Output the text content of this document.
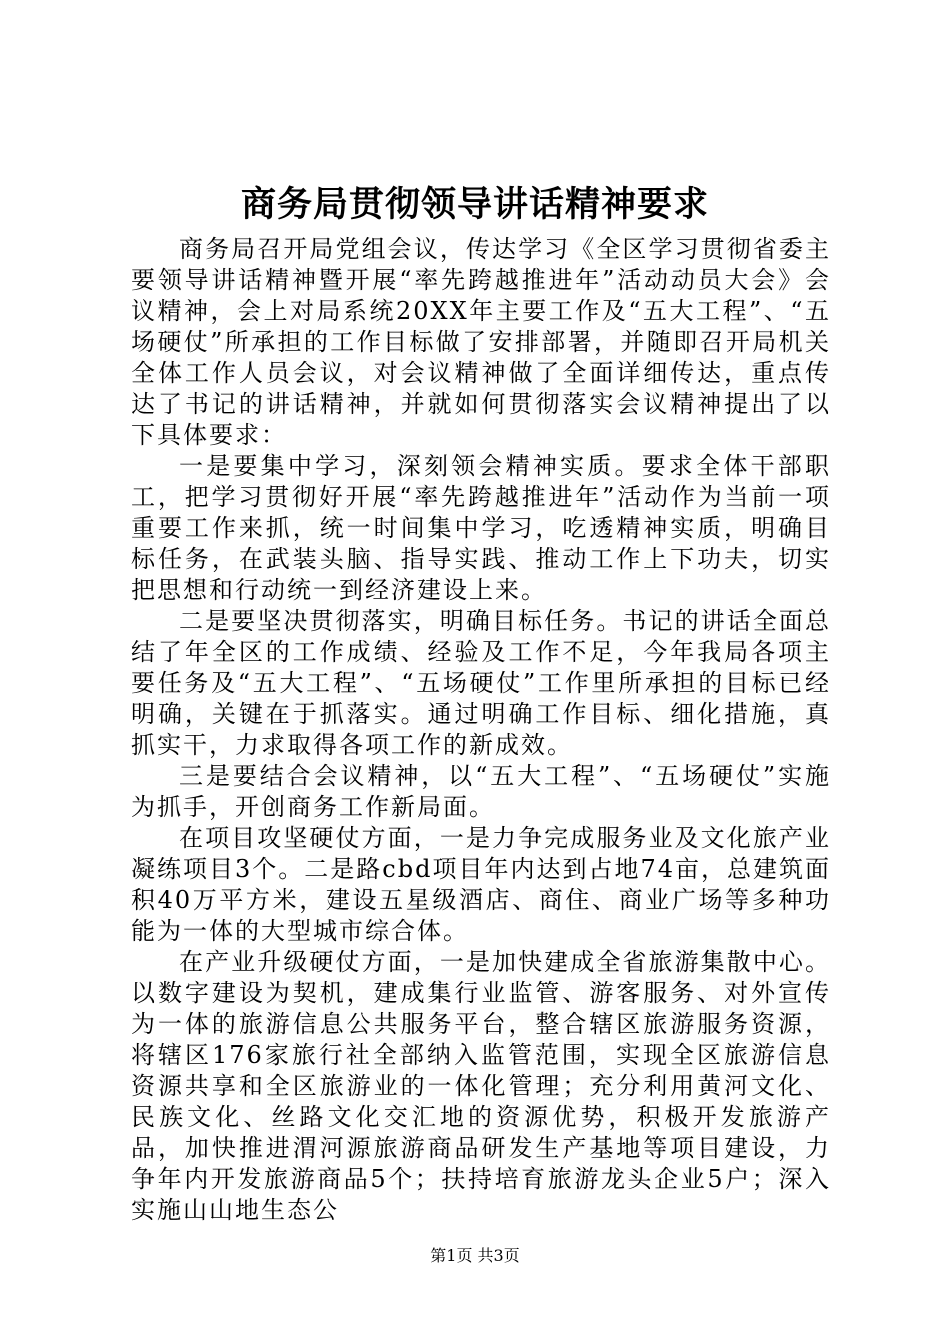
商务局贯彻领导讲话精神要求

商务局召开局党组会议，传达学习《全区学习贯彻省委主要领导讲话精神暨开展“率先跨越推进年”活动动员大会》会议精神，会上对局系统20XX年主要工作及“五大工程”、“五场硬仗”所承担的工作目标做了安排部署，并随即召开局机关全体工作人员会议，对会议精神做了全面详细传达，重点传达了书记的讲话精神，并就如何贯彻落实会议精神提出了以下具体要求：

一是要集中学习，深刻领会精神实质。要求全体干部职工，把学习贯彻好开展“率先跨越推进年”活动作为当前一项重要工作来抓，统一时间集中学习，吃透精神实质，明确目标任务，在武装头脑、指导实践、推动工作上下功夫，切实把思想和行动统一到经济建设上来。

二是要坚决贯彻落实，明确目标任务。书记的讲话全面总结了年全区的工作成绩、经验及工作不足，今年我局各项主要任务及“五大工程”、“五场硬仗”工作里所承担的目标已经明确，关键在于抓落实。通过明确工作目标、细化措施，真抓实干，力求取得各项工作的新成效。

三是要结合会议精神，以“五大工程”、“五场硬仗”实施为抓手，开创商务工作新局面。

在项目攻坚硬仗方面，一是力争完成服务业及文化旅产业凝练项目3个。二是路cbd项目年内达到占地74亩，总建筑面积40万平方米，建设五星级酒店、商住、商业广场等多种功能为一体的大型城市综合体。

在产业升级硬仗方面，一是加快建成全省旅游集散中心。以数字建设为契机，建成集行业监管、游客服务、对外宣传为一体的旅游信息公共服务平台，整合辖区旅游服务资源，将辖区176家旅行社全部纳入监管范围，实现全区旅游信息资源共享和全区旅游业的一体化管理；充分利用黄河文化、民族文化、丝路文化交汇地的资源优势，积极开发旅游产品，加快推进渭河源旅游商品研发生产基地等项目建设，力争年内开发旅游商品5个；扶持培育旅游龙头企业5户；深入实施山山地生态公

第1页 共3页
